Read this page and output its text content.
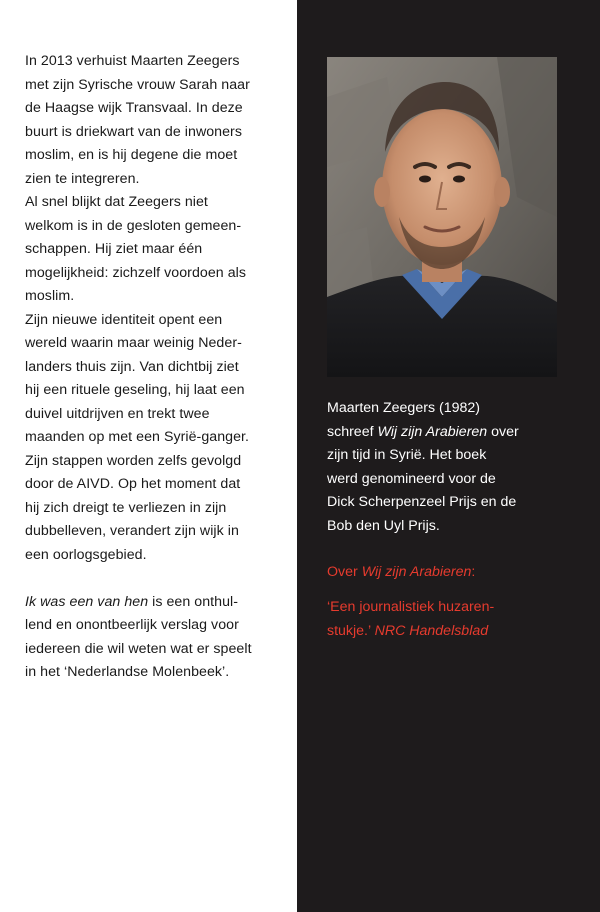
In 2013 verhuist Maarten Zeegers
met zijn Syrische vrouw Sarah naar
de Haagse wijk Transvaal. In deze
buurt is driekwart van de inwoners
moslim, en is hij degene die moet
zien te integreren.

Al snel blijkt dat Zeegers niet
welkom is in de gesloten gemeen-
schappen. Hij ziet maar één
mogelijkheid: zichzelf voordoen als
moslim.

Zijn nieuwe identiteit opent een
wereld waarin maar weinig Neder-
landers thuis zijn. Van dichtbij ziet
hij een rituele geseling, hij laat een
duivel uitdrijven en trekt twee
maanden op met een Syrië-ganger.
Zijn stappen worden zelfs gevolgd
door de AIVD. Op het moment dat
hij zich dreigt te verliezen in zijn
dubbelleven, verandert zijn wijk in
een oorlogsgebied.

Ik was een van hen is een onthul-
lend en onontbeerlijk verslag voor
iedereen die wil weten wat er speelt
in het ‘Nederlandse Molenbeek’.

Maarten Zeegers (1982)
schreef Wij zijn Arabieren over
zijn tijd in Syrië. Het boek
werd genomineerd voor de
Dick Scherpenzeel Prijs en de
Bob den Uyl Prijs.
Over Wij zijn Arabieren:
‘Een journalistiek huzaren-
stukje.’ NRC Handelsblad
